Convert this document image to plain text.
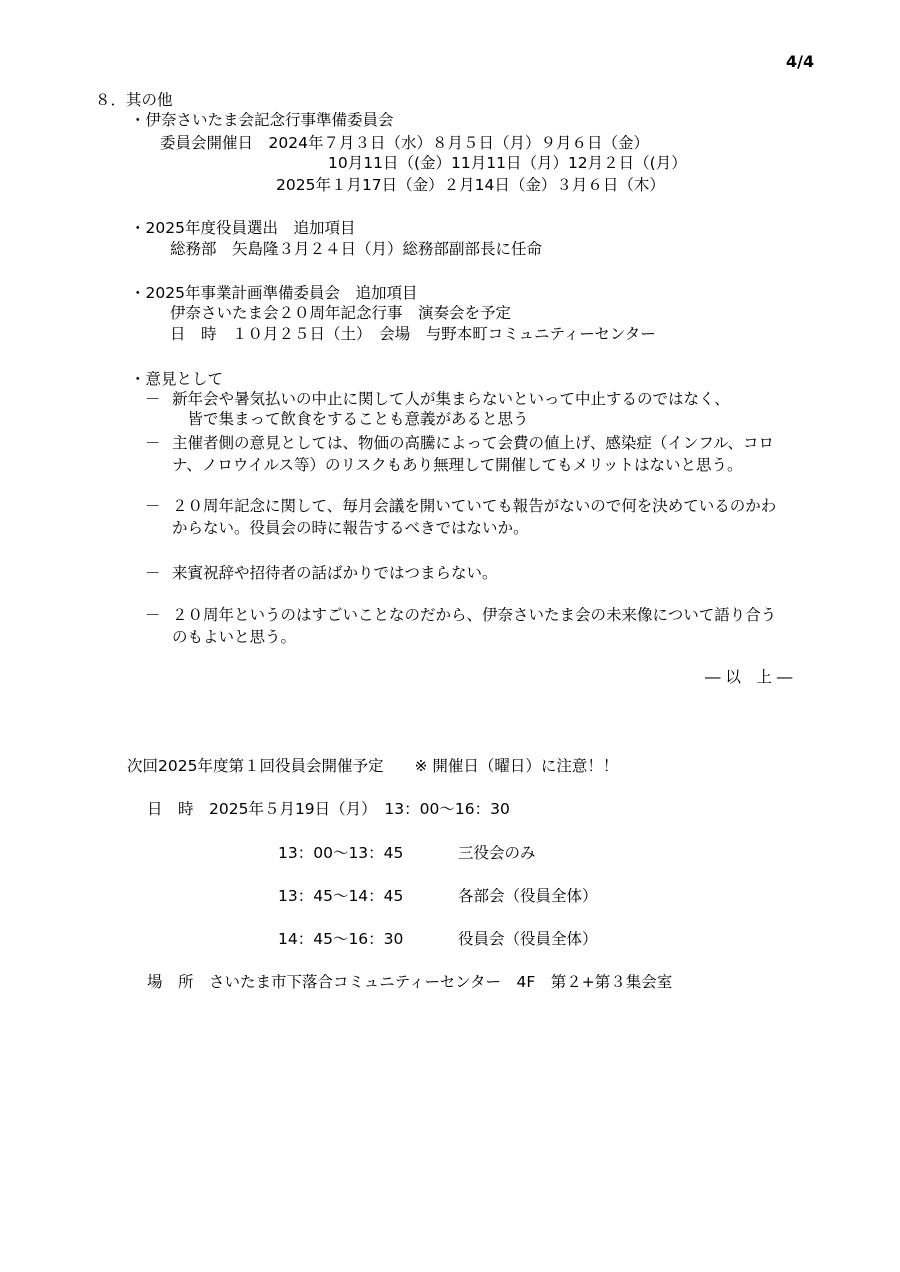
4/4
８．其の他
・伊奈さいたま会記念行事準備委員会
委員会開催日　2024年７月３日（水）８月５日（月）９月６日（金）
10月11日（(金）11月11日（月）12月２日（(月）
2025年１月17日（金）２月14日（金）３月６日（木）
・2025年度役員選出　追加項目
総務部　矢島隆３月２４日（月）総務部副部長に任命
・2025年事業計画準備委員会　追加項目
伊奈さいたま会２０周年記念行事　演奏会を予定
日　時　１０月２５日（土）　会場　与野本町コミュニティーセンター
・意見として
－ 新年会や暑気払いの中止に関して人が集まらないといって中止するのではなく、
　皆で集まって飲食をすることも意義があると思う
－ 主催者側の意見としては、物価の高騰によって会費の値上げ、感染症（インフル、コロ
ナ、ノロウイルス等）のリスクもあり無理して開催してもメリットはないと思う。
－ ２０周年記念に関して、毎月会議を開いていても報告がないので何を決めているのかわ
からない。役員会の時に報告するべきではないか。
－ 来賓祝辞や招待者の話ばかりではつまらない。
－ ２０周年というのはすごいことなのだから、伊奈さいたま会の未来像について語り合う
のもよいと思う。
― 以　上 ―
次回2025年度第１回役員会開催予定　　※ 開催日（曜日）に注意！！
日　時　2025年５月19日（月）　13：00～16：30
13：00～13：45	三役会のみ
13：45～14：45	各部会（役員全体）
14：45～16：30	役員会（役員全体）
場　所　さいたま市下落合コミュニティーセンター　4F　第２+第３集会室
